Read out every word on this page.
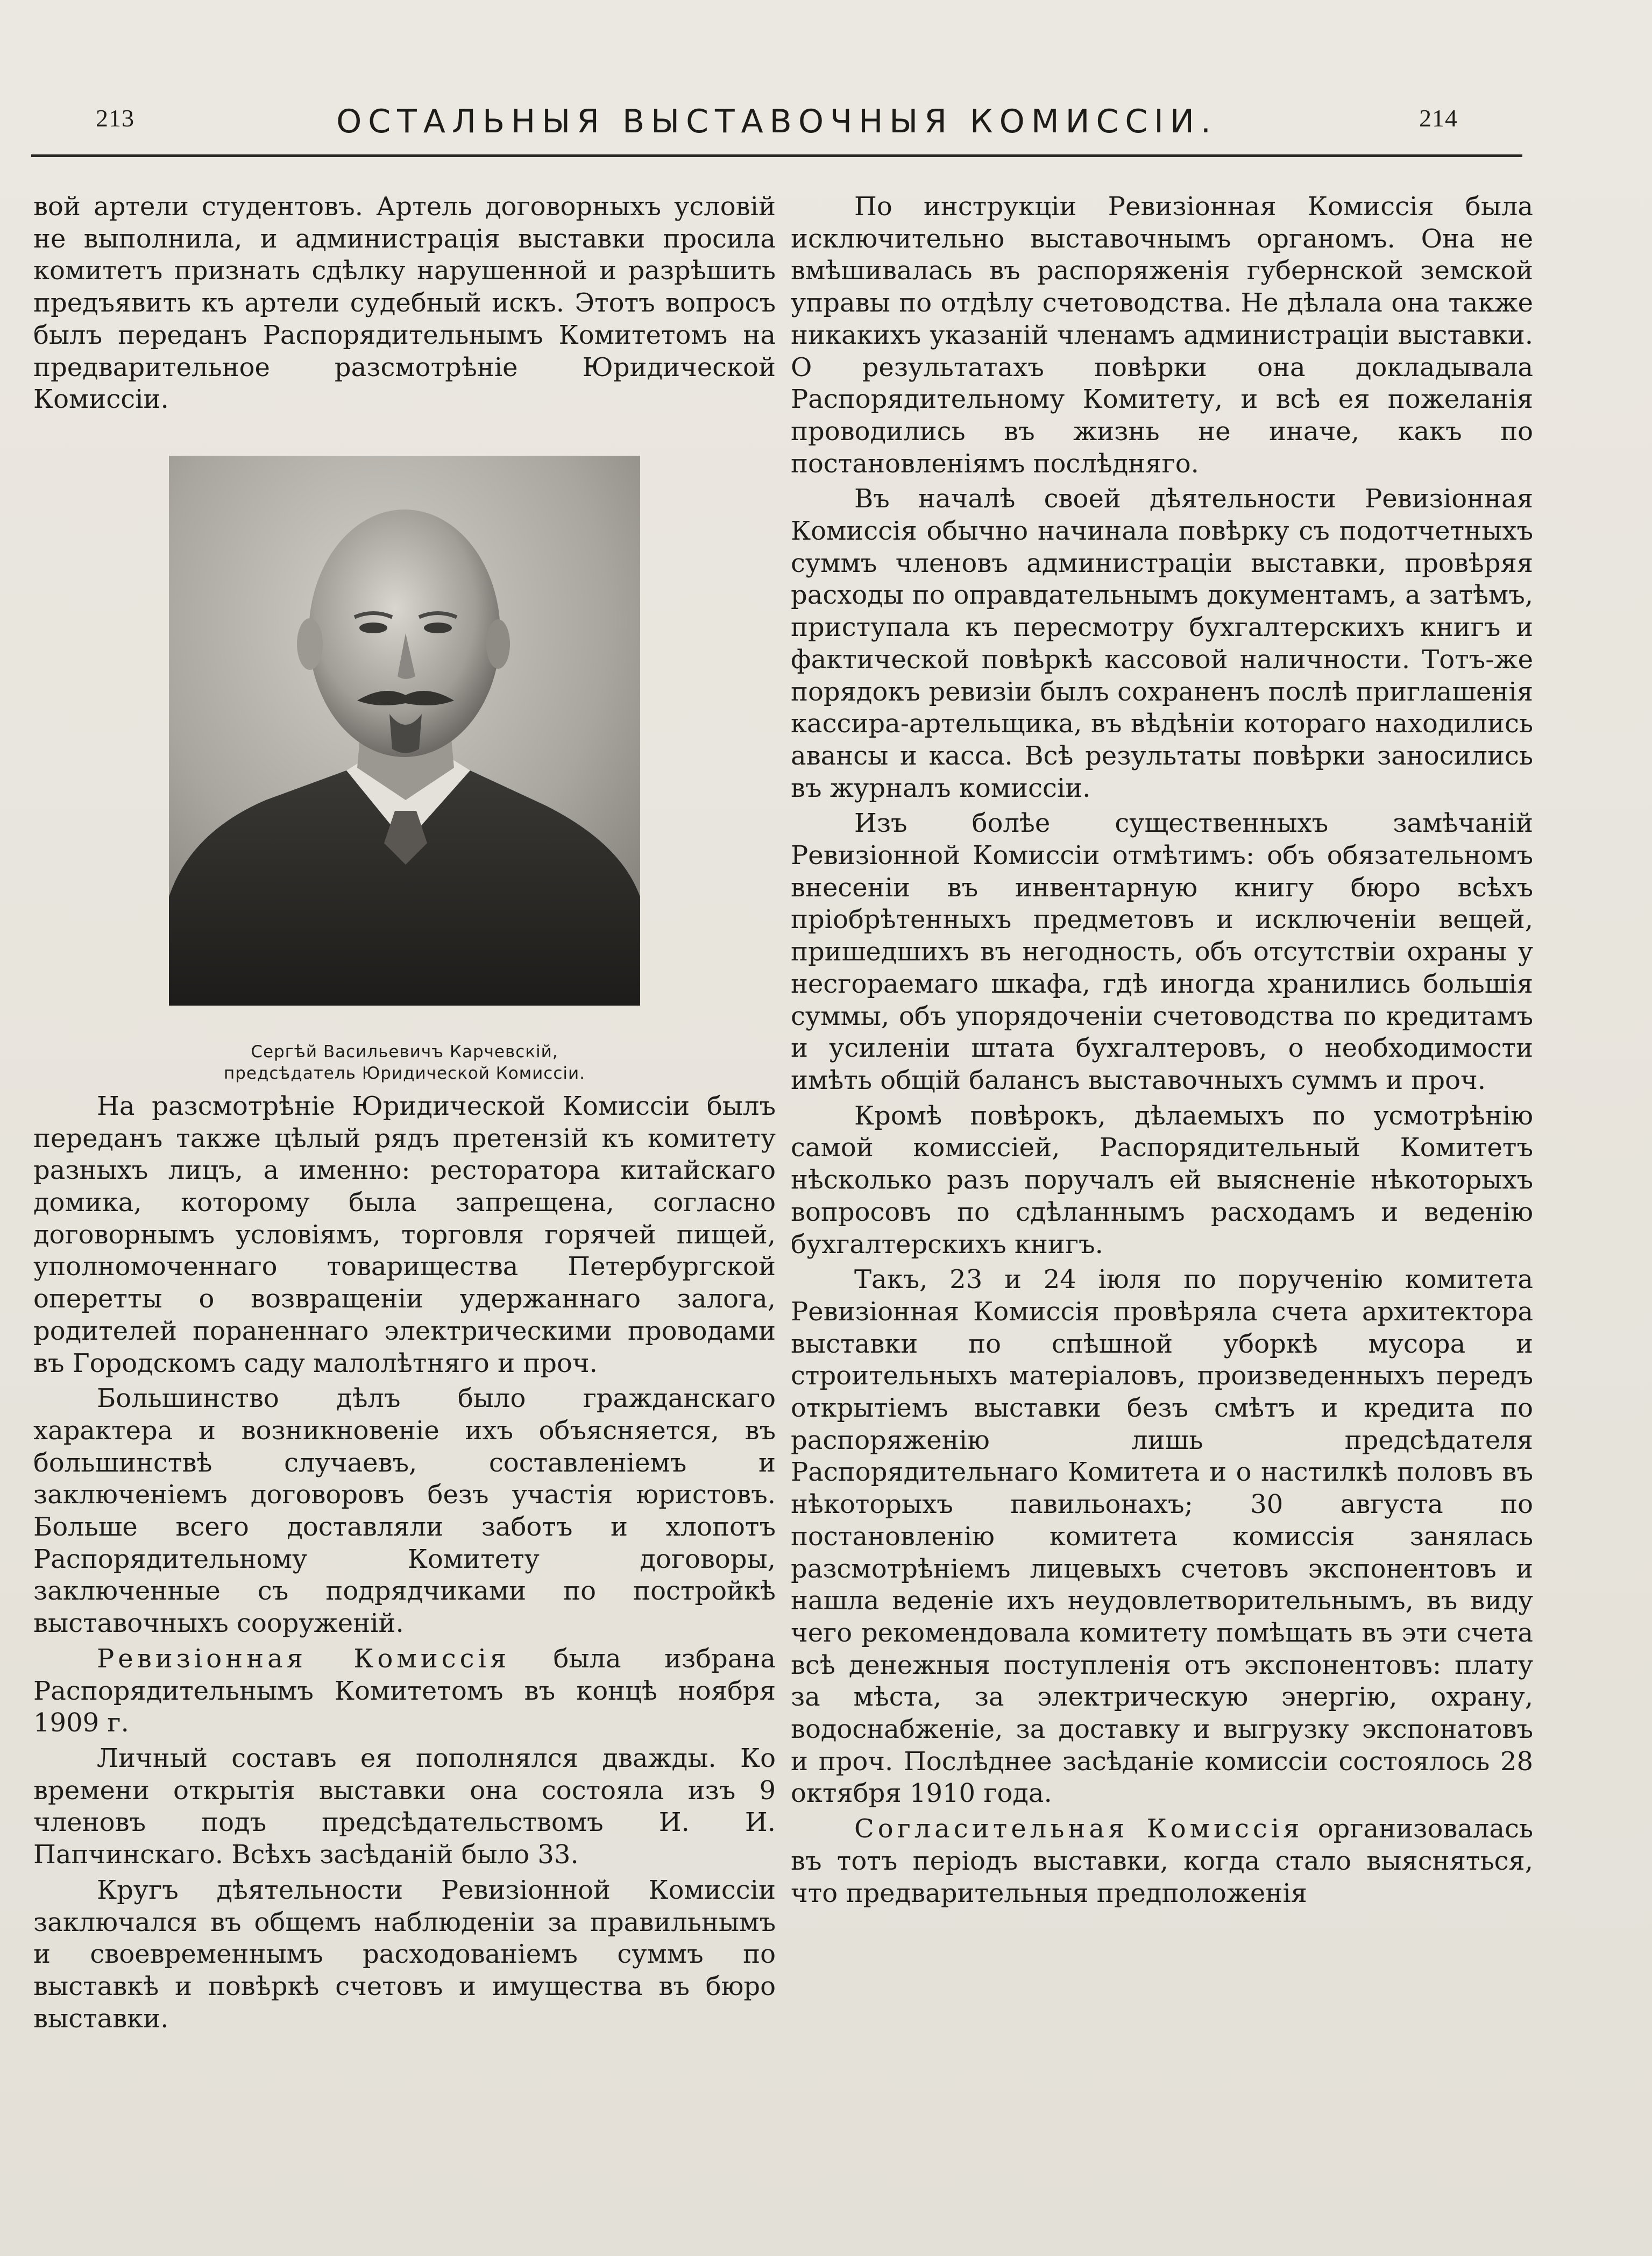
213	ОСТАЛЬНЫЯ ВЫСТАВОЧНЫЯ КОМИССIИ.	214

вой артели студентовъ. Артель договорныхъ условiй не выполнила, и администрацiя выставки просила комитетъ признать сдѣлку нарушенной и разрѣшить предъявить къ артели судебный искъ. Этотъ вопросъ былъ переданъ Распорядительнымъ Комитетомъ на предварительное разсмотрѣнiе Юридической Комиссiи.

Сергѣй Васильевичъ Карчевскiй,
предсѣдатель Юридической Комиссiи.

На разсмотрѣнiе Юридической Комиссiи былъ переданъ также цѣлый рядъ претензiй къ комитету разныхъ лицъ, а именно: ресторатора китайскаго домика, которому была запрещена, согласно договорнымъ условiямъ, торговля горячей пищей, уполномоченнаго товарищества Петербургской оперетты о возвращенiи удержаннаго залога, родителей пораненнаго электрическими проводами въ Городскомъ саду малолѣтняго и проч.

Большинство дѣлъ было гражданскаго характера и возникновенiе ихъ объясняется, въ большинствѣ случаевъ, составленiемъ и заключенiемъ договоровъ безъ участiя юристовъ. Больше всего доставляли заботъ и хлопотъ Распорядительному Комитету договоры, заключенные съ подрядчиками по постройкѣ выставочныхъ сооруженiй.

Ревизiонная Комиссiя была избрана Распорядительнымъ Комитетомъ въ концѣ ноября 1909 г.

Личный составъ ея пополнялся дважды. Ко времени открытiя выставки она состояла изъ 9 членовъ подъ предсѣдательствомъ И. И. Папчинскаго. Всѣхъ засѣданiй было 33.

Кругъ дѣятельности Ревизiонной Комиссiи заключался въ общемъ наблюденiи за правильнымъ и своевременнымъ расходованiемъ суммъ по выставкѣ и повѣркѣ счетовъ и имущества въ бюро выставки.

По инструкцiи Ревизiонная Комиссiя была исключительно выставочнымъ органомъ. Она не вмѣшивалась въ распоряженiя губернской земской управы по отдѣлу счетоводства. Не дѣлала она также никакихъ указанiй членамъ администрацiи выставки. О результатахъ повѣрки она докладывала Распорядительному Комитету, и всѣ ея пожеланiя проводились въ жизнь не иначе, какъ по постановленiямъ послѣдняго.

Въ началѣ своей дѣятельности Ревизiонная Комиссiя обычно начинала повѣрку съ подотчетныхъ суммъ членовъ администрацiи выставки, провѣряя расходы по оправдательнымъ документамъ, а затѣмъ, приступала къ пересмотру бухгалтерскихъ книгъ и фактической повѣркѣ кассовой наличности. Тотъ-же порядокъ ревизiи былъ сохраненъ послѣ приглашенiя кассира-артельщика, въ вѣдѣнiи котораго находились авансы и касса. Всѣ результаты повѣрки заносились въ журналъ комиссiи.

Изъ болѣе существенныхъ замѣчанiй Ревизiонной Комиссiи отмѣтимъ: объ обязательномъ внесенiи въ инвентарную книгу бюро всѣхъ прiобрѣтенныхъ предметовъ и исключенiи вещей, пришедшихъ въ негодность, объ отсутствiи охраны у несгораемаго шкафа, гдѣ иногда хранились большiя суммы, объ упорядоченiи счетоводства по кредитамъ и усиленiи штата бухгалтеровъ, о необходимости имѣть общiй балансъ выставочныхъ суммъ и проч.

Кромѣ повѣрокъ, дѣлаемыхъ по усмотрѣнiю самой комиссiей, Распорядительный Комитетъ нѣсколько разъ поручалъ ей выясненiе нѣкоторыхъ вопросовъ по сдѣланнымъ расходамъ и веденiю бухгалтерскихъ книгъ.

Такъ, 23 и 24 iюля по порученiю комитета Ревизiонная Комиссiя провѣряла счета архитектора выставки по спѣшной уборкѣ мусора и строительныхъ матерiаловъ, произведенныхъ передъ открытiемъ выставки безъ смѣтъ и кредита по распоряженiю лишь предсѣдателя Распорядительнаго Комитета и о настилкѣ половъ въ нѣкоторыхъ павильонахъ; 30 августа по постановленiю комитета комиссiя занялась разсмотрѣнiемъ лицевыхъ счетовъ экспонентовъ и нашла веденiе ихъ неудовлетворительнымъ, въ виду чего рекомендовала комитету помѣщать въ эти счета всѣ денежныя поступленiя отъ экспонентовъ: плату за мѣста, за электрическую энергiю, охрану, водоснабженiе, за доставку и выгрузку экспонатовъ и проч. Послѣднее засѣданiе комиссiи состоялось 28 октября 1910 года.

Согласительная Комиссiя организовалась въ тотъ перiодъ выставки, когда стало выясняться, что предварительныя предположенiя
